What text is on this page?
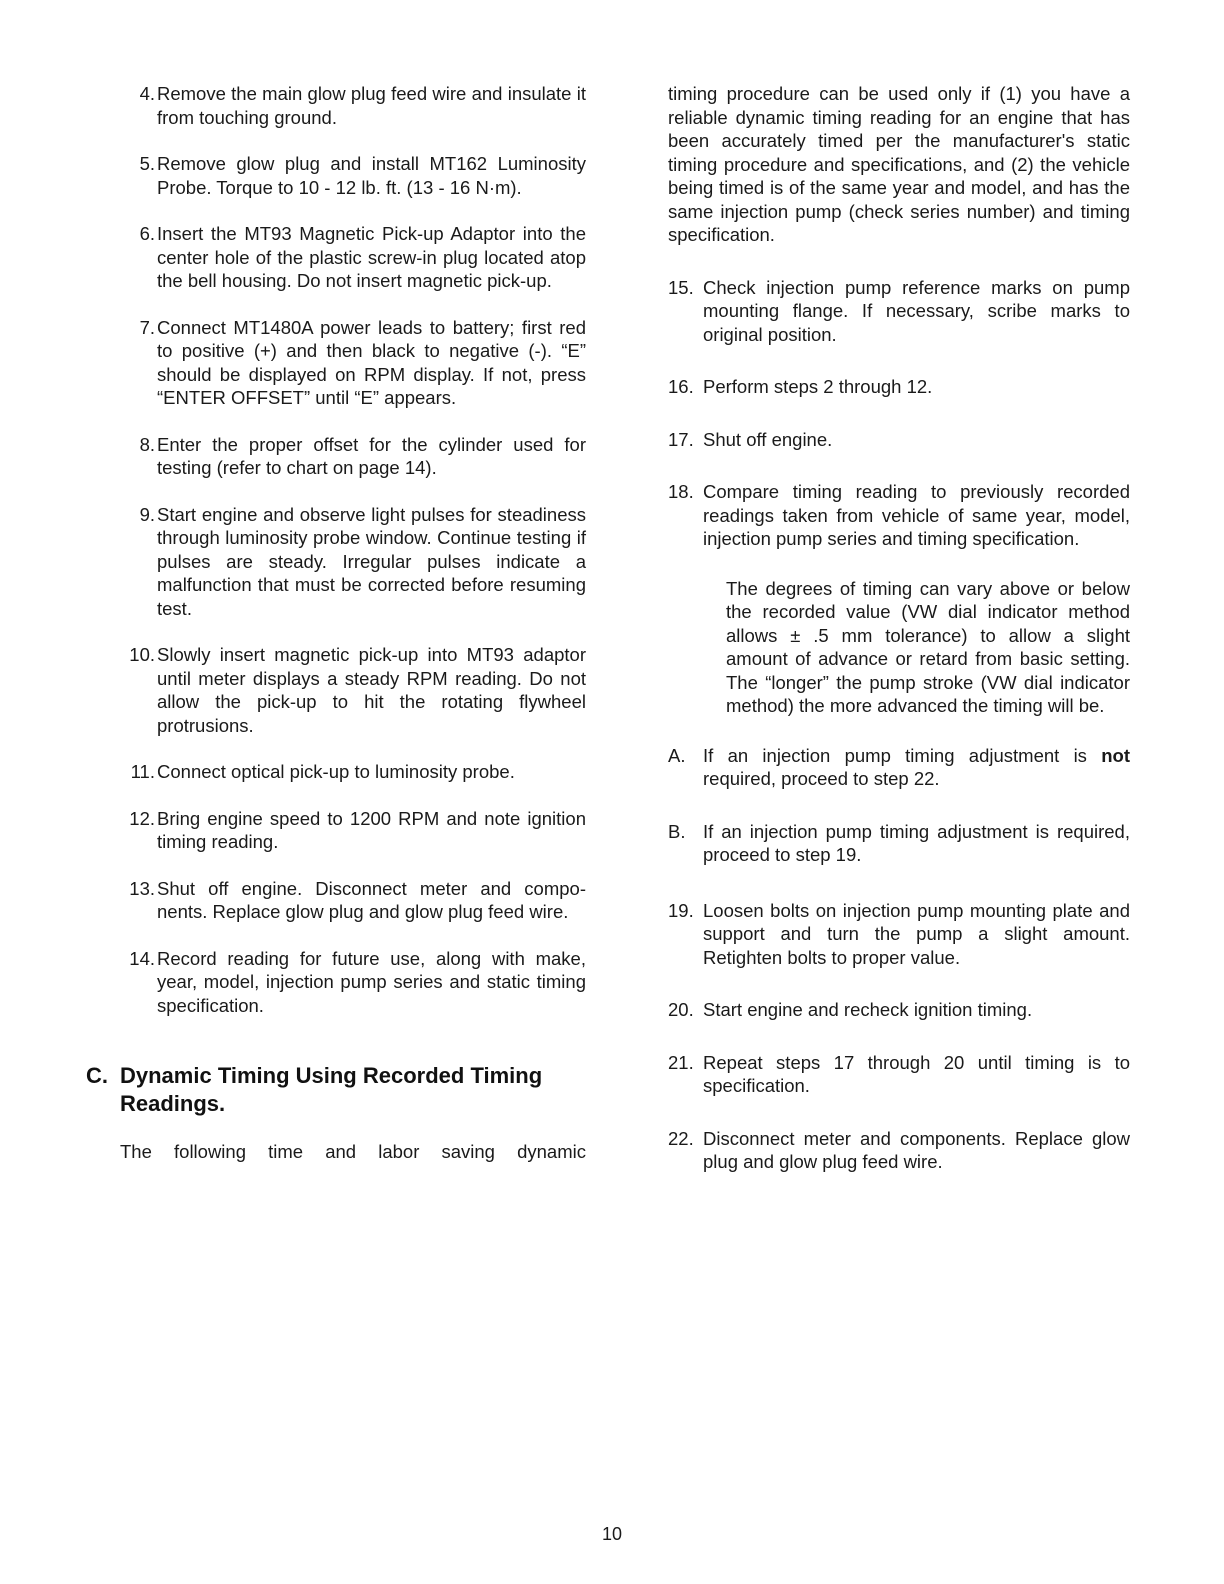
4. Remove the main glow plug feed wire and insulate it from touching ground.
5. Remove glow plug and install MT162 Luminosity Probe. Torque to 10 - 12 lb. ft. (13 - 16 N·m).
6. Insert the MT93 Magnetic Pick-up Adaptor into the center hole of the plastic screw-in plug located atop the bell housing. Do not insert magnetic pick-up.
7. Connect MT1480A power leads to battery; first red to positive (+) and then black to negative (-). “E” should be displayed on RPM display. If not, press “ENTER OFFSET” until “E” appears.
8. Enter the proper offset for the cylinder used for testing (refer to chart on page 14).
9. Start engine and observe light pulses for steadiness through luminosity probe window. Continue testing if pulses are steady. Irregular pulses indicate a malfunction that must be corrected before resuming test.
10. Slowly insert magnetic pick-up into MT93 adaptor until meter displays a steady RPM reading. Do not allow the pick-up to hit the rotating flywheel protrusions.
11. Connect optical pick-up to luminosity probe.
12. Bring engine speed to 1200 RPM and note ignition timing reading.
13. Shut off engine. Disconnect meter and compo-nents. Replace glow plug and glow plug feed wire.
14. Record reading for future use, along with make, year, model, injection pump series and static timing specification.
C. Dynamic Timing Using Recorded Timing Readings.
The following time and labor saving dynamic
timing procedure can be used only if (1) you have a reliable dynamic timing reading for an engine that has been accurately timed per the manufacturer's static timing procedure and specifications, and (2) the vehicle being timed is of the same year and model, and has the same injection pump (check series number) and timing specification.
15. Check injection pump reference marks on pump mounting flange. If necessary, scribe marks to original position.
16. Perform steps 2 through 12.
17. Shut off engine.
18. Compare timing reading to previously recorded readings taken from vehicle of same year, model, injection pump series and timing specification.
The degrees of timing can vary above or below the recorded value (VW dial indicator method allows ± .5 mm tolerance) to allow a slight amount of advance or retard from basic setting. The “longer” the pump stroke (VW dial indicator method) the more advanced the timing will be.
A. If an injection pump timing adjustment is not required, proceed to step 22.
B. If an injection pump timing adjustment is required, proceed to step 19.
19. Loosen bolts on injection pump mounting plate and support and turn the pump a slight amount. Retighten bolts to proper value.
20. Start engine and recheck ignition timing.
21. Repeat steps 17 through 20 until timing is to specification.
22. Disconnect meter and components. Replace glow plug and glow plug feed wire.
10
